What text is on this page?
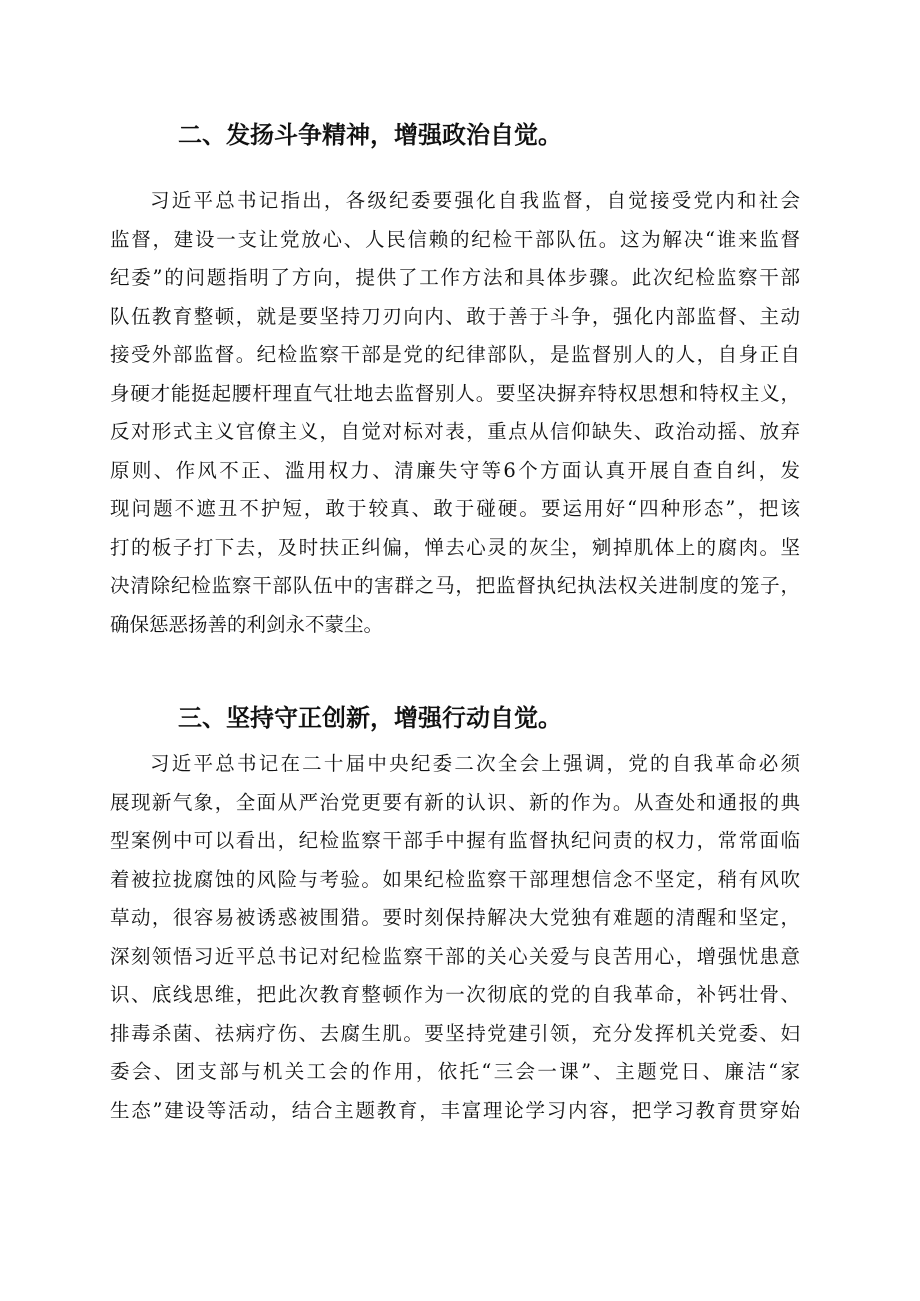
二、发扬斗争精神，增强政治自觉。
习近平总书记指出，各级纪委要强化自我监督，自觉接受党内和社会
监督，建设一支让党放心、人民信赖的纪检干部队伍。这为解决“谁来监督
纪委”的问题指明了方向，提供了工作方法和具体步骤。此次纪检监察干部
队伍教育整顿，就是要坚持刀刃向内、敢于善于斗争，强化内部监督、主动
接受外部监督。纪检监察干部是党的纪律部队，是监督别人的人，自身正自
身硬才能挺起腰杆理直气壮地去监督别人。要坚决摒弃特权思想和特权主义，
反对形式主义官僚主义，自觉对标对表，重点从信仰缺失、政治动摇、放弃
原则、作风不正、滥用权力、清廉失守等6个方面认真开展自查自纠，发
现问题不遮丑不护短，敢于较真、敢于碰硬。要运用好“四种形态”，把该
打的板子打下去，及时扶正纠偏，惮去心灵的灰尘，剜掉肌体上的腐肉。坚
决清除纪检监察干部队伍中的害群之马，把监督执纪执法权关进制度的笼子，
确保惩恶扬善的利剑永不蒙尘。
三、坚持守正创新，增强行动自觉。
习近平总书记在二十届中央纪委二次全会上强调，党的自我革命必须
展现新气象，全面从严治党更要有新的认识、新的作为。从查处和通报的典
型案例中可以看出，纪检监察干部手中握有监督执纪问责的权力，常常面临
着被拉拢腐蚀的风险与考验。如果纪检监察干部理想信念不坚定，稍有风吹
草动，很容易被诱惑被围猎。要时刻保持解决大党独有难题的清醒和坚定，
深刻领悟习近平总书记对纪检监察干部的关心关爱与良苦用心，增强忧患意
识、底线思维，把此次教育整顿作为一次彻底的党的自我革命，补钙壮骨、
排毒杀菌、祛病疗伤、去腐生肌。要坚持党建引领，充分发挥机关党委、妇
委会、团支部与机关工会的作用，依托“三会一课”、主题党日、廉洁“家
生态”建设等活动，结合主题教育，丰富理论学习内容，把学习教育贯穿始
